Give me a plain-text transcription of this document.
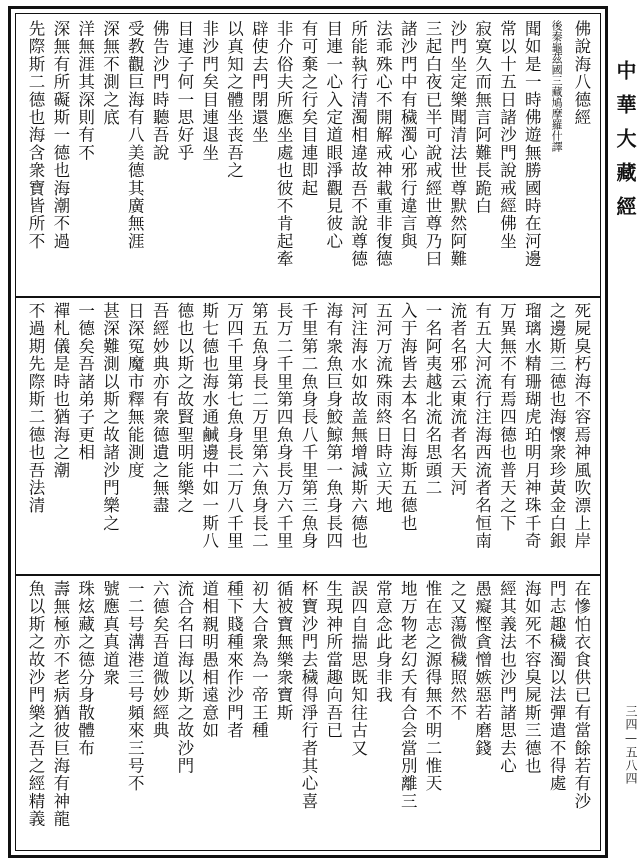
佛說海八德經
後秦龜茲國三藏鳩摩羅什譯
聞如是一時佛遊無勝國時在河邊
常以十五日諸沙門說戒經佛坐
寂寞久而無言阿難長跪白
沙門坐定樂聞清法世尊默然阿難
三起白夜已半可說戒經世尊乃曰
諸沙門中有穢濁心邪行違言與
法乖殊心不開解戒神載重非復德
所能執行清濁相違故吾不說尊德
目連一心入定道眼淨觀見彼心
有可棄之行矣目連即起
非介俗夫所應坐處也彼不肯起牽
辟使去門閉還坐
以真知之體坐丧吾之
非沙門矣目連退坐
目連子何一思好乎
佛告沙門時聽吾說
受教觀巨海有八美德其廣無涯
深無不測之底
洋無涯其深則有不
深無有所礙斯一德也海潮不過
先際斯二德也海含衆寶皆所不
死屍臭朽海不容焉神風吹漂上岸
之邊斯三德也海懷衆珍黃金白銀
瑠璃水精珊瑚虎珀明月神珠千奇
万異無不有焉四德也普天之下
有五大河流行注海西流者名恒南
流者名邪云東流者名天河
一名阿夷越北流名思頭二
入于海皆去本名日海斯五德也
五河万流殊雨終日時立天地
河注海水如故盖無增減斯六德也
海有衆魚巨身鮫鯨第一魚身長四
千里第二魚身長八千里第三魚身
長万二千里第四魚身長万六千里
第五魚身長二万里第六魚身長二
万四千里第七魚身長二万八千里
斯七德也海水通鹹邊中如一斯八
德也以斯之故賢聖明能樂之
吾經妙典亦有衆德遺之無盡
日深冤魔市釋無能測度
甚深難測以斯之故諸沙門樂之
一德矣吾諸弟子更相
禪札儀是時也猶海之潮
不過期先際斯二德也吾法清
在慘怕衣食供已有當餘若有沙
門志趣穢濁以法彈遣不得處
海如死不容臭屍斯三德也
經其義法也沙門諸思去心
愚癡慳貪憎嫉惡若磨錢
之又蕩微穢照然不
惟在志之源得無不明二惟天
地万物老幻夭有合会當別離三
常意念此身非我
誤四自揣思既知往古又
生現神所當趣向吾已
杯寶沙門去穢得淨行者其心喜
循被寶無樂衆寶斯
初大合衆為一帝王種
種下賤種來作沙門者
道相親明愚相遠意如
流合名曰海以斯之故沙門
六德矣吾道微妙經典
一二号溝港三号頻來三号不
號應真真道衆
珠炫藏之德分身散體布
壽無極亦不老病猶彼巨海有神龍
魚以斯之故沙門樂之吾之經精義
中華大藏經
三四—五八四
